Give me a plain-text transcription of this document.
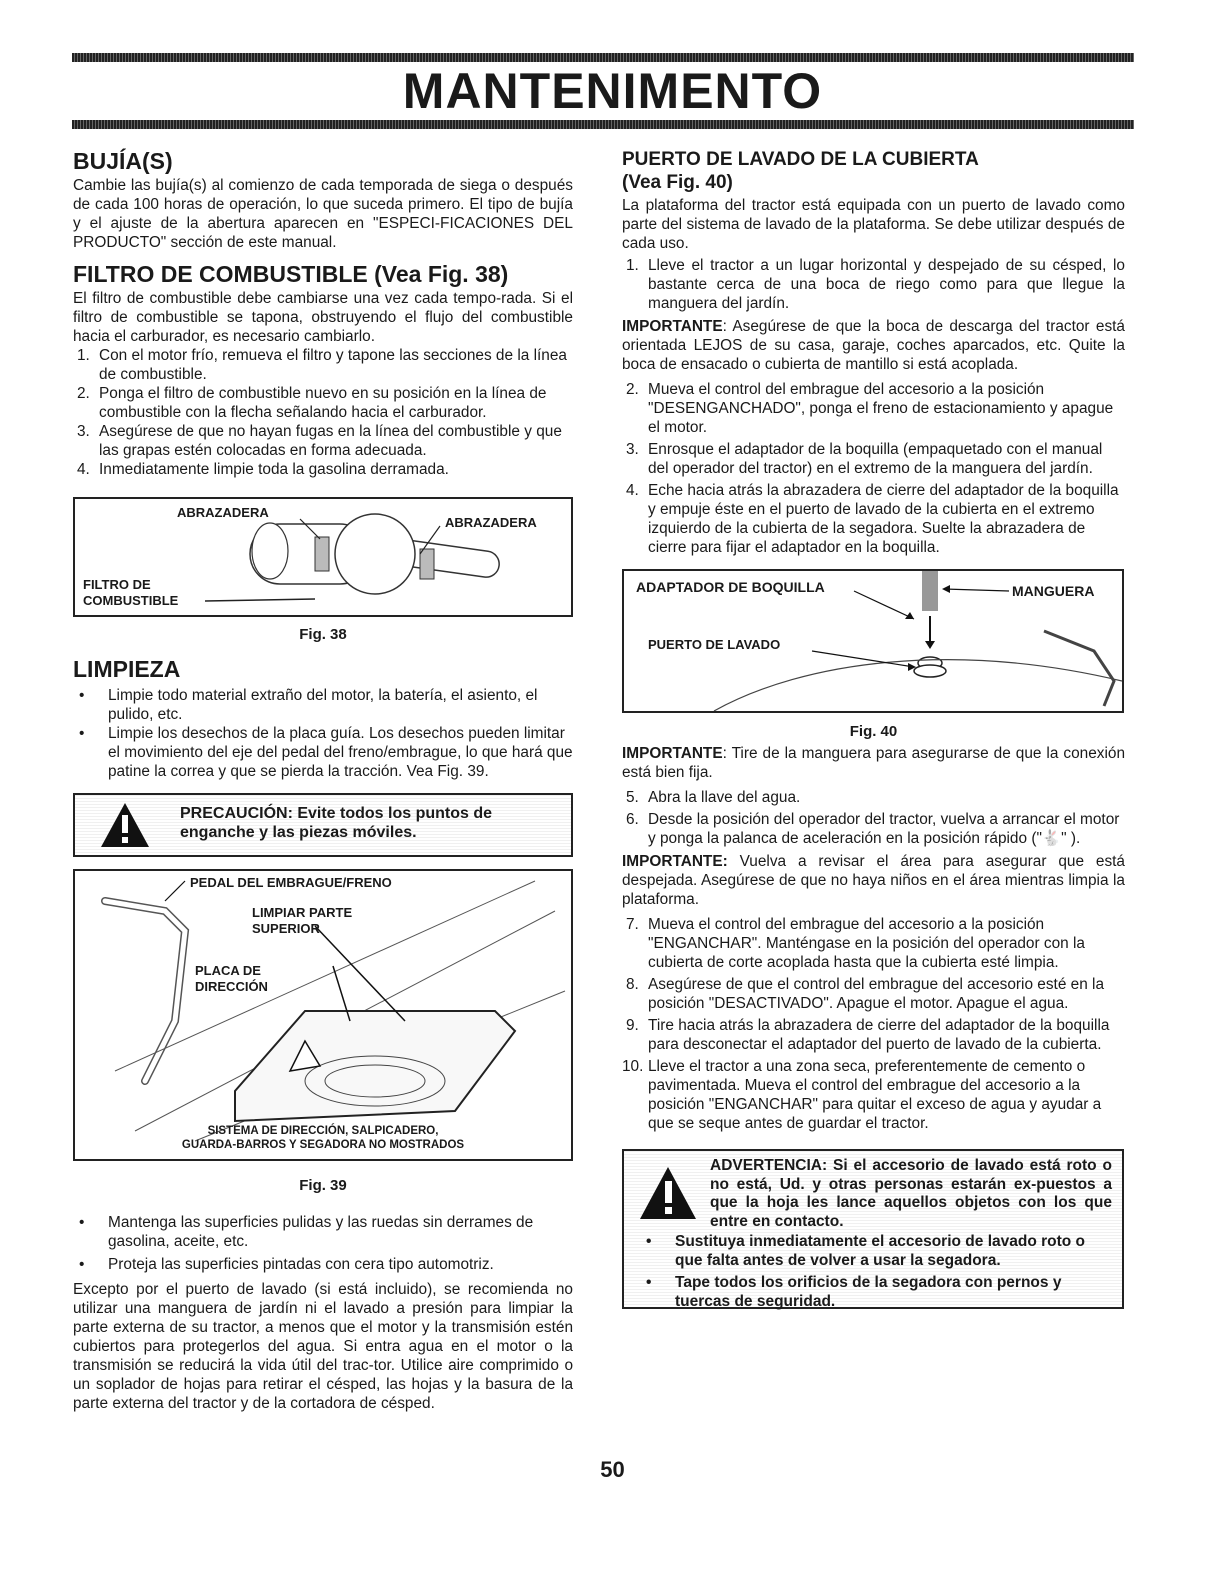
MANTENIMENTO
BUJÍA(S)

Cambie las bujía(s) al comienzo de cada temporada de siega o después de cada 100 horas de operación, lo que suceda primero. El tipo de bujía y el ajuste de la abertura aparecen en "ESPECI-FICACIONES DEL PRODUCTO" sección de este manual.

FILTRO DE COMBUSTIBLE (Vea Fig. 38)

El filtro de combustible debe cambiarse una vez cada tempo-rada. Si el filtro de combustible se tapona, obstruyendo el flujo del combustible hacia el carburador, es necesario cambiarlo.

1. Con el motor frío, remueva el filtro y tapone las secciones de la línea de combustible.
2. Ponga el filtro de combustible nuevo en su posición en la línea de combustible con la flecha señalando hacia el carburador.
3. Asegúrese de que no hayan fugas en la línea del combustible y que las grapas estén colocadas en forma adecuada.
4. Inmediatamente limpie toda la gasolina derramada.
ABRAZADERA
ABRAZADERA
FILTRO DE
COMBUSTIBLE
Fig. 38
LIMPIEZA
• Limpie todo material extraño del motor, la batería, el asiento, el pulido, etc.
• Limpie los desechos de la placa guía. Los desechos pueden limitar el movimiento del eje del pedal del freno/embrague, lo que hará que patine la correa y que se pierda la tracción. Vea Fig. 39.
PRECAUCIÓN: Evite todos los puntos de
enganche y las piezas móviles.
PEDAL DEL EMBRAGUE/FRENO
LIMPIAR PARTE
SUPERIOR
PLACA DE
DIRECCIÓN
SISTEMA DE DIRECCIÓN, SALPICADERO,
GUARDA-BARROS Y SEGADORA NO MOSTRADOS
Fig. 39
• Mantenga las superficies pulidas y las ruedas sin derrames de gasolina, aceite, etc.
• Proteja las superficies pintadas con cera tipo automotriz.

Excepto por el puerto de lavado (si está incluido), se recomienda no utilizar una manguera de jardín ni el lavado a presión para limpiar la parte externa de su tractor, a menos que el motor y la transmisión estén cubiertos para protegerlos del agua. Si entra agua en el motor o la transmisión se reducirá la vida útil del trac-tor. Utilice aire comprimido o un soplador de hojas para retirar el césped, las hojas y la basura de la parte externa del tractor y de la cortadora de césped.

PUERTO DE LAVADO DE LA CUBIERTA
(Vea Fig. 40)

La plataforma del tractor está equipada con un puerto de lavado como parte del sistema de lavado de la plataforma. Se debe utilizar después de cada uso.

1. Lleve el tractor a un lugar horizontal y despejado de su césped, lo bastante cerca de una boca de riego como para que llegue la manguera del jardín.

IMPORTANTE: Asegúrese de que la boca de descarga del tractor está orientada LEJOS de su casa, garaje, coches aparcados, etc. Quite la boca de ensacado o cubierta de mantillo si está acoplada.

2. Mueva el control del embrague del accesorio a la posición "DESENGANCHADO", ponga el freno de estacionamiento y apague el motor.
3. Enrosque el adaptador de la boquilla (empaquetado con el manual del operador del tractor) en el extremo de la manguera del jardín.
4. Eche hacia atrás la abrazadera de cierre del adaptador de la boquilla y empuje éste en el puerto de lavado de la cubierta en el extremo izquierdo de la cubierta de la segadora. Suelte la abrazadera de cierre para fijar el adaptador en la boquilla.
ADAPTADOR DE BOQUILLA	MANGUERA
PUERTO DE LAVADO
Fig. 40

IMPORTANTE: Tire de la manguera para asegurarse de que la conexión está bien fija.

5. Abra la llave del agua.
6. Desde la posición del operador del tractor, vuelva a arrancar el motor y ponga la palanca de aceleración en la posición rápido ("🐇" ).

IMPORTANTE: Vuelva a revisar el área para asegurar que está despejada. Asegúrese de que no haya niños en el área mientras limpia la plataforma.

7. Mueva el control del embrague del accesorio a la posición "ENGANCHAR". Manténgase en la posición del operador con la cubierta de corte acoplada hasta que la cubierta esté limpia.
8. Asegúrese de que el control del embrague del accesorio esté en la posición "DESACTIVADO". Apague el motor. Apague el agua.
9. Tire hacia atrás la abrazadera de cierre del adaptador de la boquilla para desconectar el adaptador del puerto de lavado de la cubierta.
10. Lleve el tractor a una zona seca, preferentemente de cemento o pavimentada. Mueva el control del embrague del accesorio a la posición "ENGANCHAR" para quitar el exceso de agua y ayudar a que se seque antes de guardar el tractor.
ADVERTENCIA: Si el accesorio de lavado está roto o no está, Ud. y otras personas estarán ex-puestos a que la hoja les lance aquellos objetos con los que entre en contacto.
• Sustituya inmediatamente el accesorio de lavado roto o que falta antes de volver a usar la segadora.
• Tape todos los orificios de la segadora con pernos y tuercas de seguridad.
50
